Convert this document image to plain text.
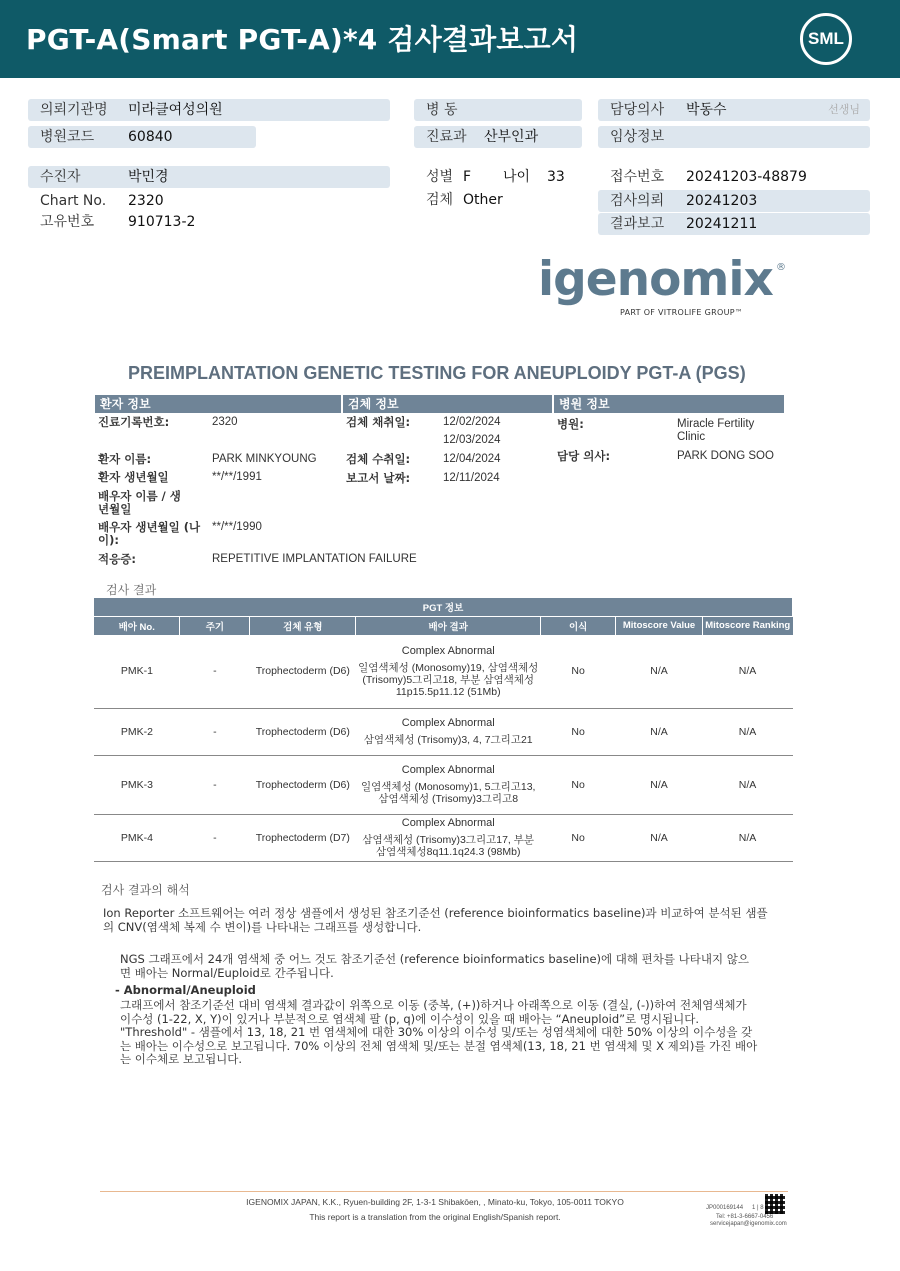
PGT-A(Smart PGT-A)*4 검사결과보고서	SML
의뢰기관명 미라클여성의원
병원코드 60840
병 동
진료과 산부인과
담당의사 박동수	선생님
임상정보
수진자	박민경
Chart No. 2320
고유번호 910713-2
성별 F 나이 33
검체 Other
접수번호 20241203-48879
검사의뢰 20241203
결과보고 20241211
igenomix ®
PART OF VITROLIFE GROUP™
PREIMPLANTATION GENETIC TESTING FOR ANEUPLOIDY PGT-A (PGS)
환자 정보	검체 정보	병원 정보
진료기록번호:	2320
환자 이름:	PARK MINKYOUNG
환자 생년월일	**/**/1991
배우자 이름 / 생년월일
배우자 생년월일 (나이):
**/**/1990
적응증:	REPETITIVE IMPLANTATION FAILURE
검체 채취일:	12/02/2024
12/03/2024
검체 수취일:	12/04/2024
보고서 날짜:	12/11/2024
병원:	Miracle Fertility Clinic
담당 의사:	PARK DONG SOO
검사 결과
PGT 정보						
배아 No.	주기	검체 유형	배아 결과	이식	Mitoscore Value	Mitoscore Ranking
PMK-1	-	Trophectoderm (D6)	Complex Abnormal
일염색체성 (Monosomy)19, 삼염색체성 (Trisomy)5그리고18, 부분 삼염색체성11p15.5p11.12 (51Mb)	No	N/A	N/A
PMK-2	-	Trophectoderm (D6)	Complex Abnormal
삼염색체성 (Trisomy)3, 4, 7그리고21	No	N/A	N/A
PMK-3	-	Trophectoderm (D6)	Complex Abnormal
일염색체성 (Monosomy)1, 5그리고13, 삼염색체성 (Trisomy)3그리고8	No	N/A	N/A
PMK-4	-	Trophectoderm (D7)	Complex Abnormal
삼염색체성 (Trisomy)3그리고17, 부분 삼염색체성8q11.1q24.3 (98Mb)	No	N/A	N/A
검사 결과의 해석
Ion Reporter 소프트웨어는 여러 정상 샘플에서 생성된 참조기준선 (reference bioinformatics baseline)과 비교하여 분석된 샘플의 CNV(염색체 복제 수 변이)를 나타내는 그래프를 생성합니다.
NGS 그래프에서 24개 염색체 중 어느 것도 참조기준선 (reference bioinformatics baseline)에 대해 편차를 나타내지 않으면 배아는 Normal/Euploid로 간주됩니다.
- Abnormal/Aneuploid
그래프에서 참조기준선 대비 염색체 결과값이 위쪽으로 이동 (중복, (+))하거나 아래쪽으로 이동 (결실, (-))하여 전체염색체가 이수성 (1-22, X, Y)이 있거나 부분적으로 염색체 팔 (p, q)에 이수성이 있을 때 배아는 “Aneuploid”로 명시됩니다. "Threshold" - 샘플에서 13, 18, 21 번 염색체에 대한 30% 이상의 이수성 및/또는 성염색체에 대한 50% 이상의 이수성을 갖는 배아는 이수성으로 보고됩니다. 70% 이상의 전체 염색체 및/또는 분절 염색체(13, 18, 21 번 염색체 및 X 제외)를 가진 배아는 이수체로 보고됩니다.
IGENOMIX JAPAN, K.K., Ryuen-building 2F, 1-3-1 Shibakōen, , Minato-ku, Tokyo, 105-0011 TOKYO
This report is a translation from the original English/Spanish report.
JP000169144 1 | 8
Tel: +81-3-6667-0456
servicejapan@igenomix.com
